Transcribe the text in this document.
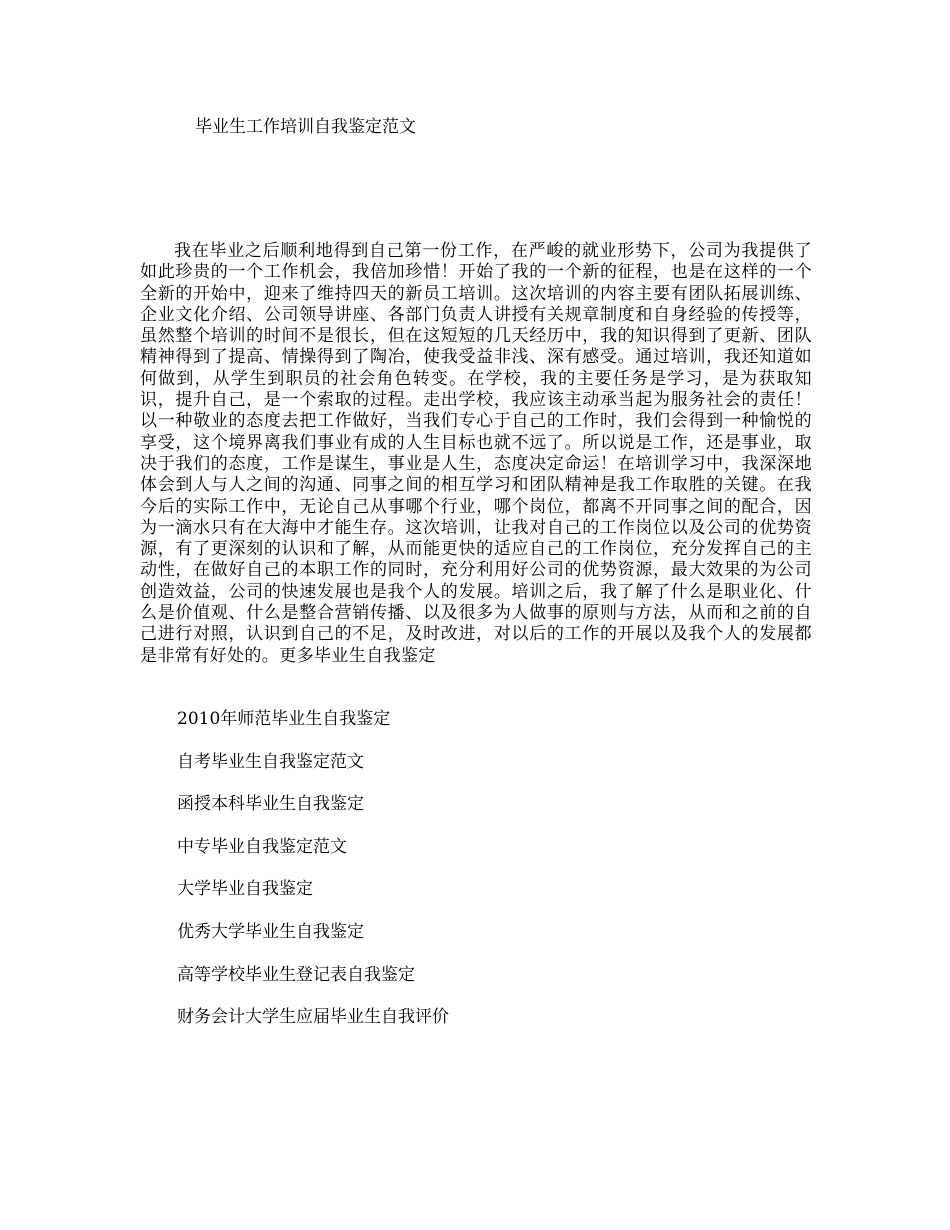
毕业生工作培训自我鉴定范文
我在毕业之后顺利地得到自己第一份工作，在严峻的就业形势下，公司为我提供了如此珍贵的一个工作机会，我倍加珍惜！开始了我的一个新的征程，也是在这样的一个全新的开始中，迎来了维持四天的新员工培训。这次培训的内容主要有团队拓展训练、企业文化介绍、公司领导讲座、各部门负责人讲授有关规章制度和自身经验的传授等，虽然整个培训的时间不是很长，但在这短短的几天经历中，我的知识得到了更新、团队精神得到了提高、情操得到了陶冶，使我受益非浅、深有感受。通过培训，我还知道如何做到，从学生到职员的社会角色转变。在学校，我的主要任务是学习，是为获取知识，提升自己，是一个索取的过程。走出学校，我应该主动承当起为服务社会的责任！以一种敬业的态度去把工作做好，当我们专心于自己的工作时，我们会得到一种愉悦的享受，这个境界离我们事业有成的人生目标也就不远了。所以说是工作，还是事业，取决于我们的态度，工作是谋生，事业是人生，态度决定命运！在培训学习中，我深深地体会到人与人之间的沟通、同事之间的相互学习和团队精神是我工作取胜的关键。在我今后的实际工作中，无论自己从事哪个行业，哪个岗位，都离不开同事之间的配合，因为一滴水只有在大海中才能生存。这次培训，让我对自己的工作岗位以及公司的优势资源，有了更深刻的认识和了解，从而能更快的适应自己的工作岗位，充分发挥自己的主动性，在做好自己的本职工作的同时，充分利用好公司的优势资源，最大效果的为公司创造效益，公司的快速发展也是我个人的发展。培训之后，我了解了什么是职业化、什么是价值观、什么是整合营销传播、以及很多为人做事的原则与方法，从而和之前的自己进行对照，认识到自己的不足，及时改进，对以后的工作的开展以及我个人的发展都是非常有好处的。更多毕业生自我鉴定
2010年师范毕业生自我鉴定
自考毕业生自我鉴定范文
函授本科毕业生自我鉴定
中专毕业自我鉴定范文
大学毕业自我鉴定
优秀大学毕业生自我鉴定
高等学校毕业生登记表自我鉴定
财务会计大学生应届毕业生自我评价
